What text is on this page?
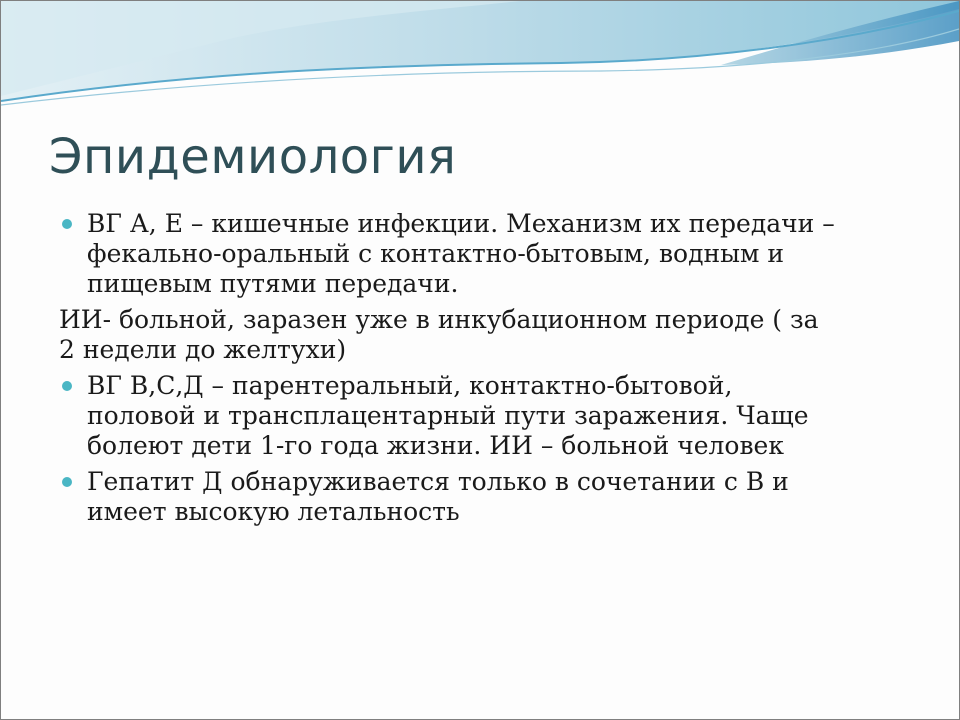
Эпидемиология
ВГ А, Е – кишечные инфекции. Механизм их передачи –
фекально-оральный с контактно-бытовым, водным и
пищевым путями передачи.
ИИ- больной, заразен уже в инкубационном периоде ( за
2 недели до желтухи)
ВГ В,С,Д – парентеральный, контактно-бытовой,
половой и трансплацентарный пути заражения. Чаще
болеют дети 1-го года жизни. ИИ – больной человек
Гепатит Д обнаруживается только в сочетании с В и
имеет высокую летальность
